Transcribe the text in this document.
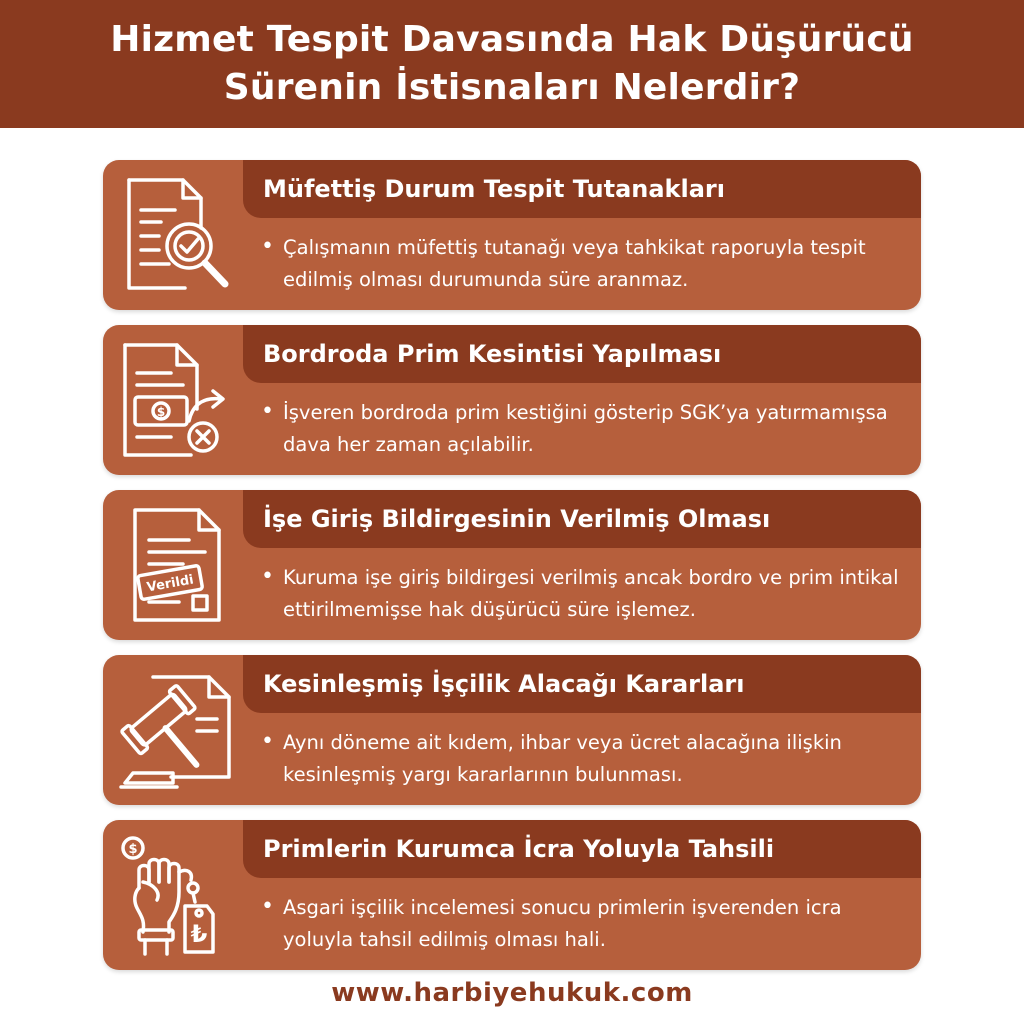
Hizmet Tespit Davasında Hak Düşürücü
Sürenin İstisnaları Nelerdir?
Müfettiş Durum Tespit Tutanakları
• Çalışmanın müfettiş tutanağı veya tahkikat raporuyla tespit edilmiş olması durumunda süre aranmaz.
$
Bordroda Prim Kesintisi Yapılması
• İşveren bordroda prim kestiğini gösterip SGK’ya yatırmamışsa dava her zaman açılabilir.
Verildi
İşe Giriş Bildirgesinin Verilmiş Olması
• Kuruma işe giriş bildirgesi verilmiş ancak bordro ve prim intikal ettirilmemişse hak düşürücü süre işlemez.
Kesinleşmiş İşçilik Alacağı Kararları
• Aynı döneme ait kıdem, ihbar veya ücret alacağına ilişkin kesinleşmiş yargı kararlarının bulunması.
$
₺
Primlerin Kurumca İcra Yoluyla Tahsili
• Asgari işçilik incelemesi sonucu primlerin işverenden icra yoluyla tahsil edilmiş olması hali.
www.harbiyehukuk.com
